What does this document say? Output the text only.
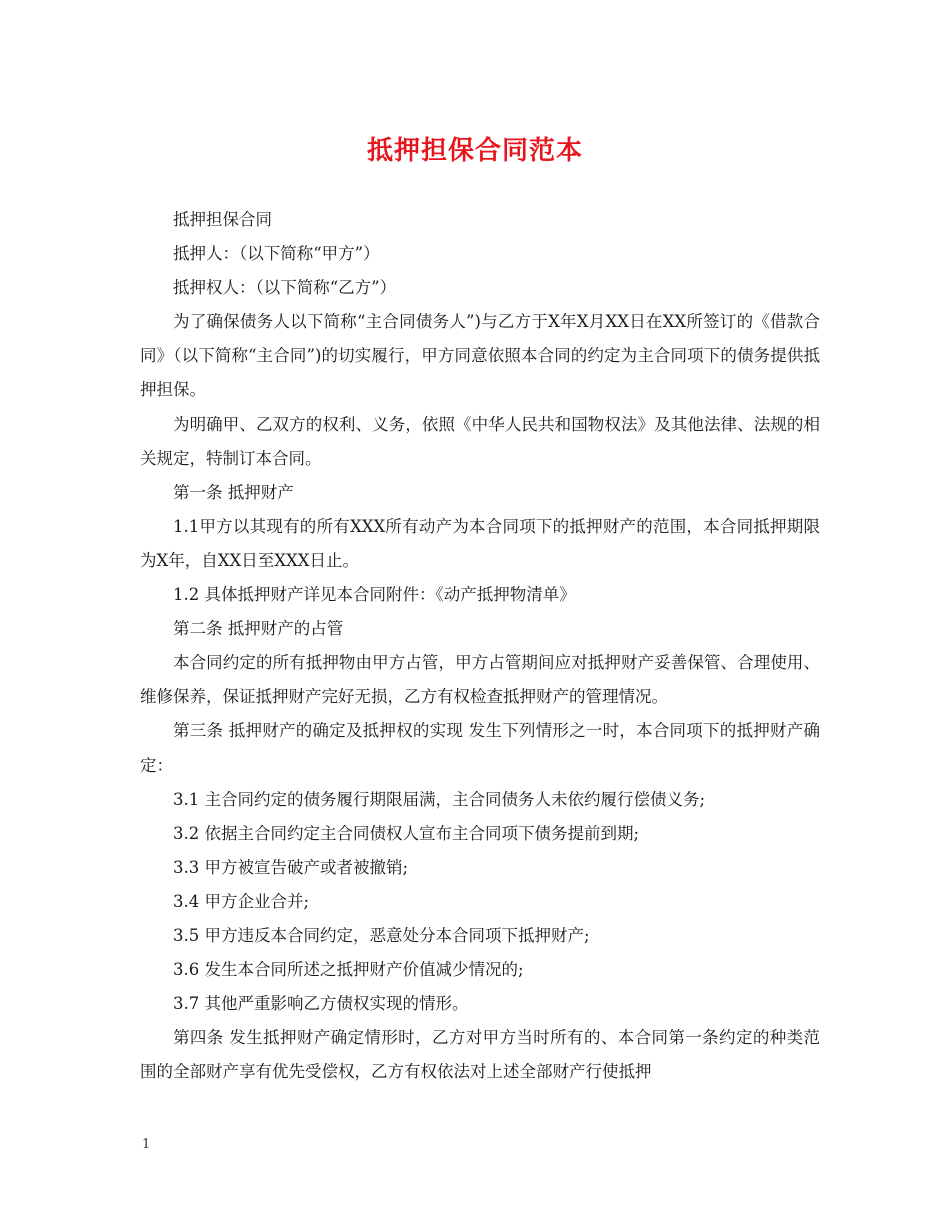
抵押担保合同范本

抵押担保合同

抵押人：（以下简称“甲方”）

抵押权人：（以下简称“乙方”）

为了确保债务人以下简称“主合同债务人”)与乙方于X年X月XX日在XX所签订的《借款合同》（以下简称“主合同”)的切实履行，甲方同意依照本合同的约定为主合同项下的债务提供抵押担保。

为明确甲、乙双方的权利、义务，依照《中华人民共和国物权法》及其他法律、法规的相关规定，特制订本合同。

第一条 抵押财产

1.1甲方以其现有的所有XXX所有动产为本合同项下的抵押财产的范围，本合同抵押期限为X年，自XX日至XXX日止。

1.2 具体抵押财产详见本合同附件：《动产抵押物清单》

第二条 抵押财产的占管

本合同约定的所有抵押物由甲方占管，甲方占管期间应对抵押财产妥善保管、合理使用、维修保养，保证抵押财产完好无损，乙方有权检查抵押财产的管理情况。

第三条 抵押财产的确定及抵押权的实现 发生下列情形之一时，本合同项下的抵押财产确定：

3.1 主合同约定的债务履行期限届满，主合同债务人未依约履行偿债义务;

3.2 依据主合同约定主合同债权人宣布主合同项下债务提前到期;

3.3 甲方被宣告破产或者被撤销;

3.4 甲方企业合并;

3.5 甲方违反本合同约定，恶意处分本合同项下抵押财产;

3.6 发生本合同所述之抵押财产价值减少情况的;

3.7 其他严重影响乙方债权实现的情形。

第四条 发生抵押财产确定情形时，乙方对甲方当时所有的、本合同第一条约定的种类范围的全部财产享有优先受偿权，乙方有权依法对上述全部财产行使抵押

1
